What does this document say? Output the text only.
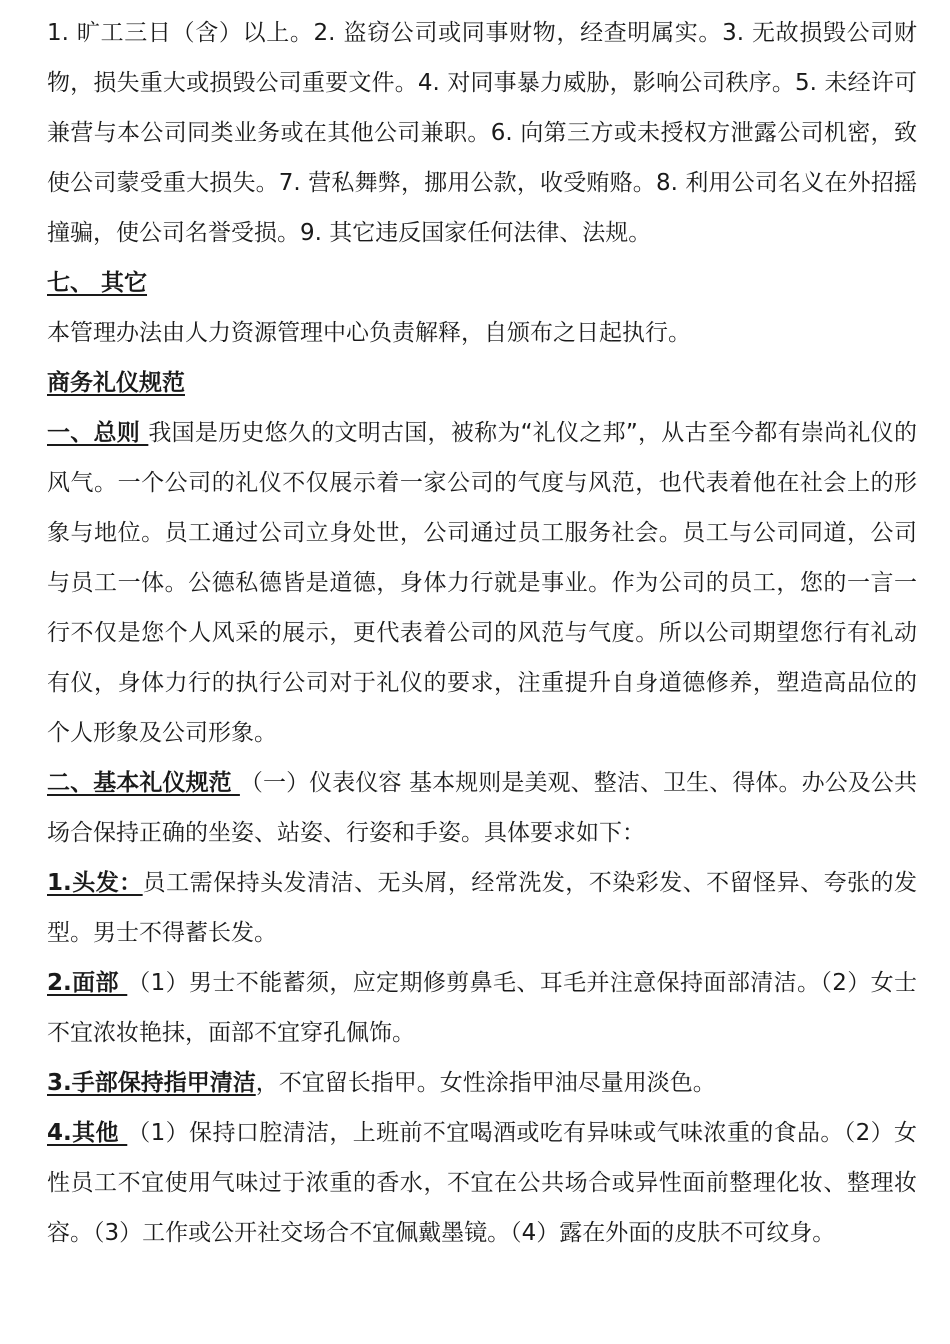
1. 旷工三日（含）以上。2. 盗窃公司或同事财物，经查明属实。3. 无故损毁公司财物，损失重大或损毁公司重要文件。4. 对同事暴力威胁，影响公司秩序。5. 未经许可兼营与本公司同类业务或在其他公司兼职。6. 向第三方或未授权方泄露公司机密，致使公司蒙受重大损失。7. 营私舞弊，挪用公款，收受贿赂。8. 利用公司名义在外招摇撞骗，使公司名誉受损。9. 其它违反国家任何法律、法规。

七、 其它

本管理办法由人力资源管理中心负责解释，自颁布之日起执行。

商务礼仪规范

一、总则 我国是历史悠久的文明古国，被称为“礼仪之邦”，从古至今都有崇尚礼仪的风气。一个公司的礼仪不仅展示着一家公司的气度与风范，也代表着他在社会上的形象与地位。员工通过公司立身处世，公司通过员工服务社会。员工与公司同道，公司与员工一体。公德私德皆是道德，身体力行就是事业。作为公司的员工，您的一言一行不仅是您个人风采的展示，更代表着公司的风范与气度。所以公司期望您行有礼动有仪，身体力行的执行公司对于礼仪的要求，注重提升自身道德修养，塑造高品位的个人形象及公司形象。

二、基本礼仪规范 （一）仪表仪容 基本规则是美观、整洁、卫生、得体。办公及公共场合保持正确的坐姿、站姿、行姿和手姿。具体要求如下：

1.头发：员工需保持头发清洁、无头屑，经常洗发，不染彩发、不留怪异、夸张的发型。男士不得蓄长发。

2.面部 （1）男士不能蓄须，应定期修剪鼻毛、耳毛并注意保持面部清洁。（2）女士不宜浓妆艳抹，面部不宜穿孔佩饰。

3.手部保持指甲清洁，不宜留长指甲。女性涂指甲油尽量用淡色。

4.其他 （1）保持口腔清洁，上班前不宜喝酒或吃有异味或气味浓重的食品。（2）女性员工不宜使用气味过于浓重的香水，不宜在公共场合或异性面前整理化妆、整理妆容。（3）工作或公开社交场合不宜佩戴墨镜。（4）露在外面的皮肤不可纹身。
